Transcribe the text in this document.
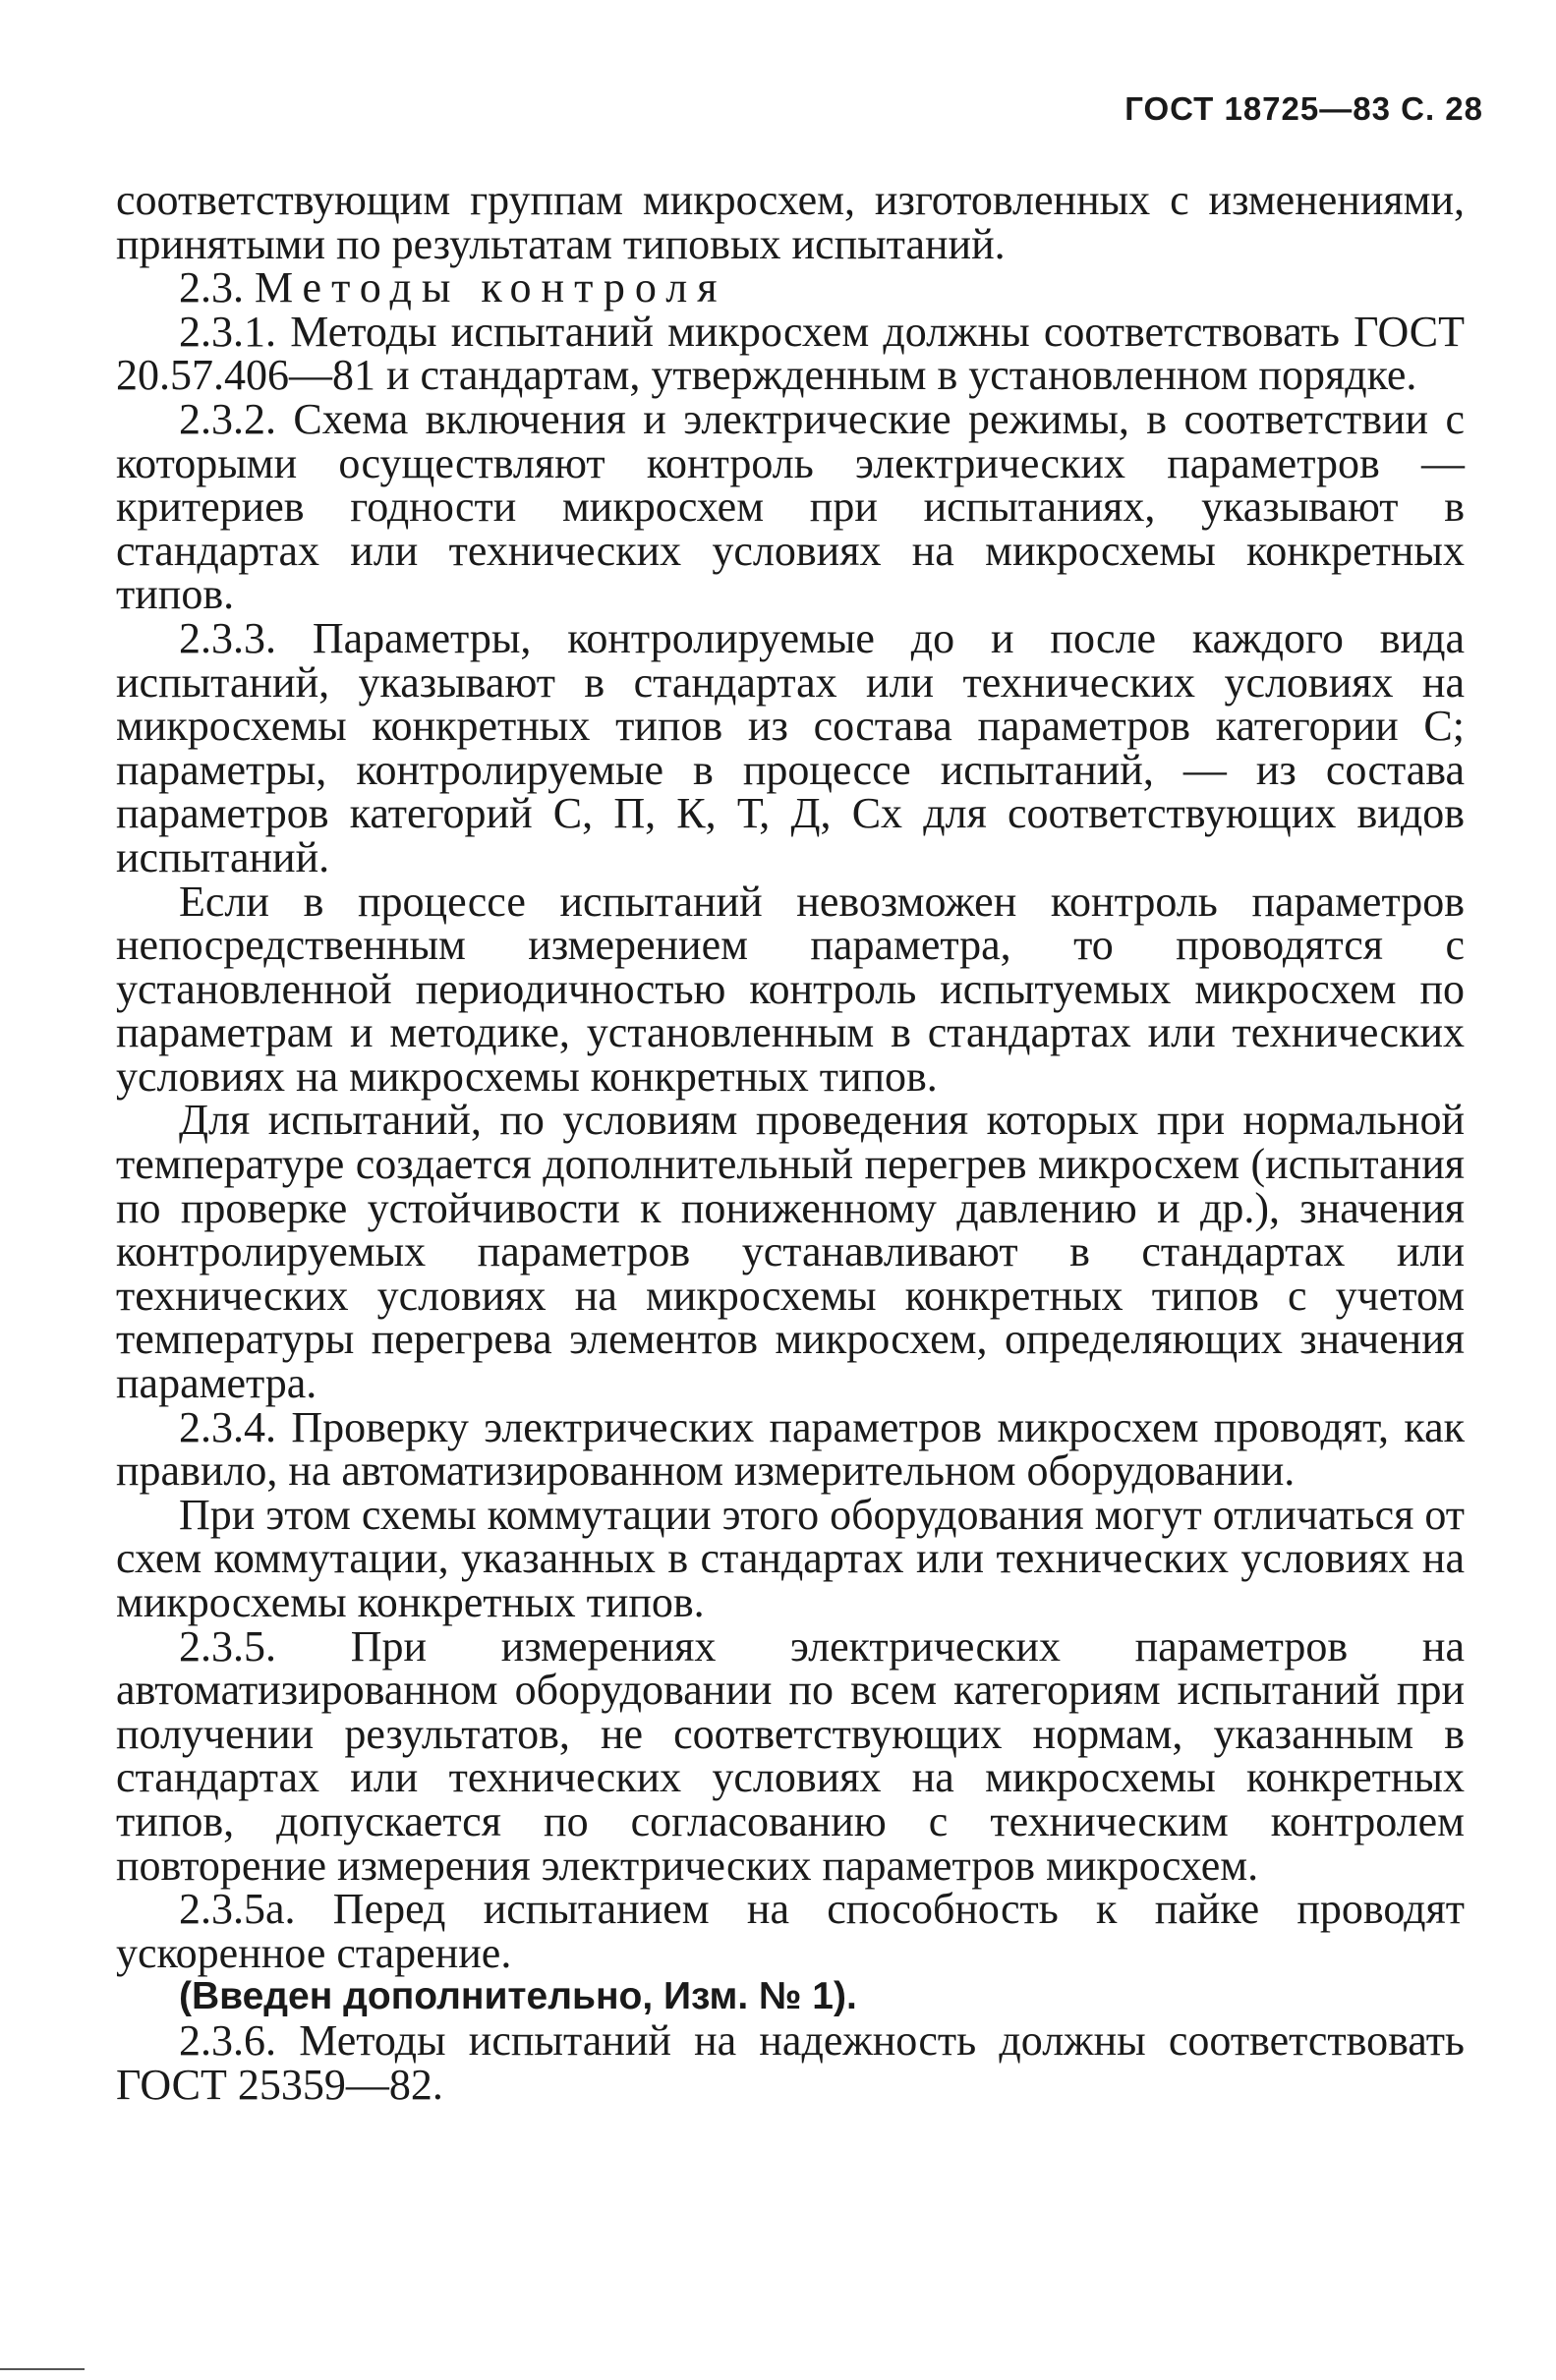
ГОСТ 18725—83 С. 28

соответствующим группам микросхем, изготовленных с изменениями, принятыми по результатам типовых испытаний.

2.3. Методы контроля

2.3.1. Методы испытаний микросхем должны соответствовать ГОСТ 20.57.406—81 и стандартам, утвержденным в установленном порядке.

2.3.2. Схема включения и электрические режимы, в соответствии с которыми осуществляют контроль электрических параметров — критериев годности микросхем при испытаниях, указывают в стандартах или технических условиях на микросхемы конкретных типов.

2.3.3. Параметры, контролируемые до и после каждого вида испытаний, указывают в стандартах или технических условиях на микросхемы конкретных типов из состава параметров категории С; параметры, контролируемые в процессе испытаний, — из состава параметров категорий С, П, К, Т, Д, Сх для соответствующих видов испытаний.

Если в процессе испытаний невозможен контроль параметров непосредственным измерением параметра, то проводятся с установленной периодичностью контроль испытуемых микросхем по параметрам и методике, установленным в стандартах или технических условиях на микросхемы конкретных типов.

Для испытаний, по условиям проведения которых при нормальной температуре создается дополнительный перегрев микросхем (испытания по проверке устойчивости к пониженному давлению и др.), значения контролируемых параметров устанавливают в стандартах или технических условиях на микросхемы конкретных типов с учетом температуры перегрева элементов микросхем, определяющих значения параметра.

2.3.4. Проверку электрических параметров микросхем проводят, как правило, на автоматизированном измерительном оборудовании.

При этом схемы коммутации этого оборудования могут отличаться от схем коммутации, указанных в стандартах или технических условиях на микросхемы конкретных типов.

2.3.5. При измерениях электрических параметров на автоматизированном оборудовании по всем категориям испытаний при получении результатов, не соответствующих нормам, указанным в стандартах или технических условиях на микросхемы конкретных типов, допускается по согласованию с техническим контролем повторение измерения электрических параметров микросхем.

2.3.5а. Перед испытанием на способность к пайке проводят ускоренное старение.

(Введен дополнительно, Изм. № 1).

2.3.6. Методы испытаний на надежность должны соответствовать ГОСТ 25359—82.
